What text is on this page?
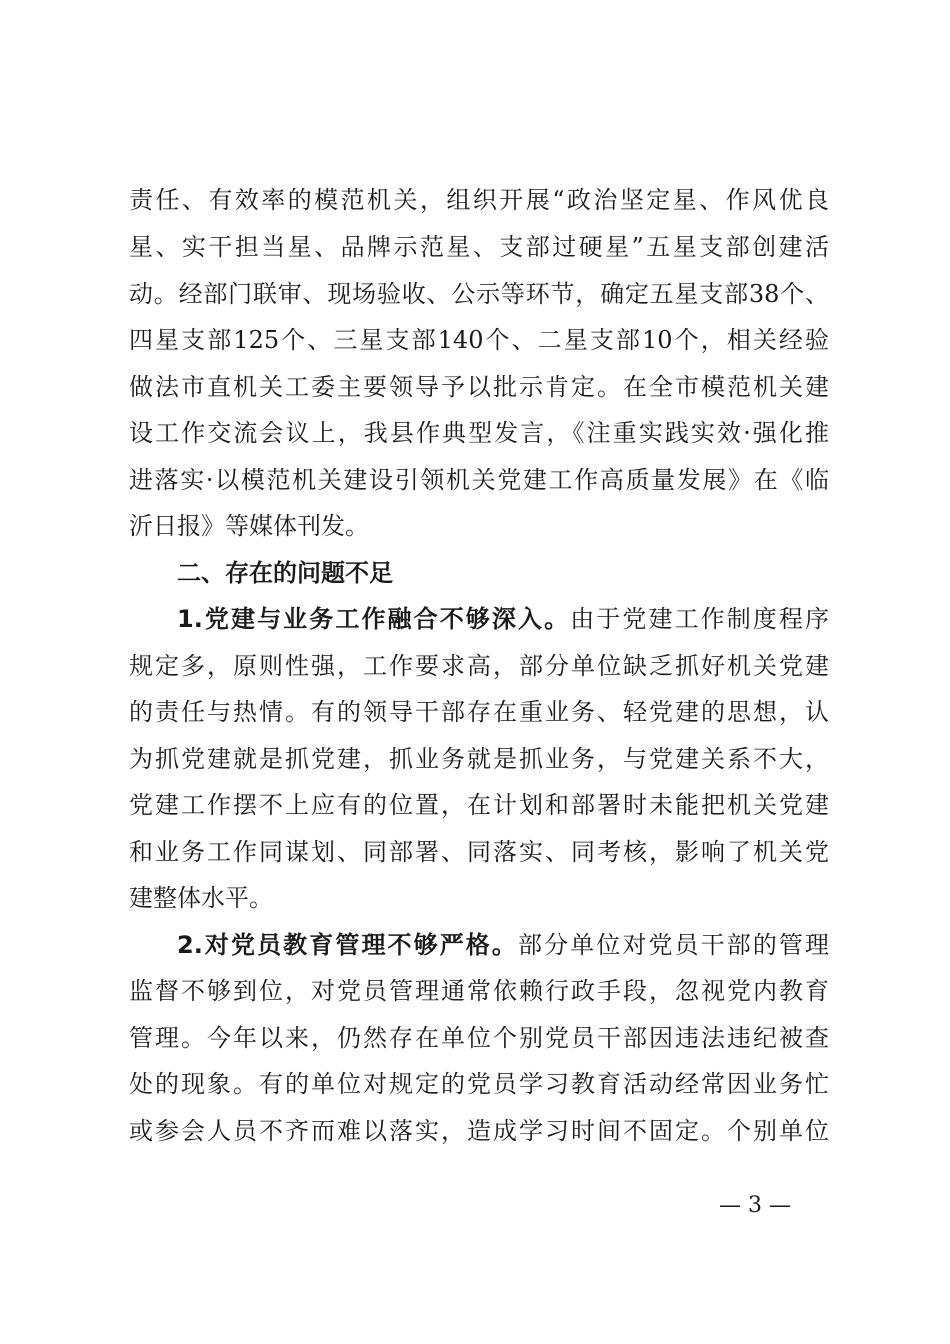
责任、有效率的模范机关，组织开展“政治坚定星、作风优良
星、实干担当星、品牌示范星、支部过硬星”五星支部创建活
动。经部门联审、现场验收、公示等环节，确定五星支部38个、
四星支部125个、三星支部140个、二星支部10个，相关经验
做法市直机关工委主要领导予以批示肯定。在全市模范机关建
设工作交流会议上，我县作典型发言，《注重实践实效·强化推
进落实·以模范机关建设引领机关党建工作高质量发展》在《临
沂日报》等媒体刊发。
二、存在的问题不足
1.党建与业务工作融合不够深入。由于党建工作制度程序
规定多，原则性强，工作要求高，部分单位缺乏抓好机关党建
的责任与热情。有的领导干部存在重业务、轻党建的思想，认
为抓党建就是抓党建，抓业务就是抓业务，与党建关系不大，
党建工作摆不上应有的位置，在计划和部署时未能把机关党建
和业务工作同谋划、同部署、同落实、同考核，影响了机关党
建整体水平。
2.对党员教育管理不够严格。部分单位对党员干部的管理
监督不够到位，对党员管理通常依赖行政手段，忽视党内教育
管理。今年以来，仍然存在单位个别党员干部因违法违纪被查
处的现象。有的单位对规定的党员学习教育活动经常因业务忙
或参会人员不齐而难以落实，造成学习时间不固定。个别单位
— 3 —
